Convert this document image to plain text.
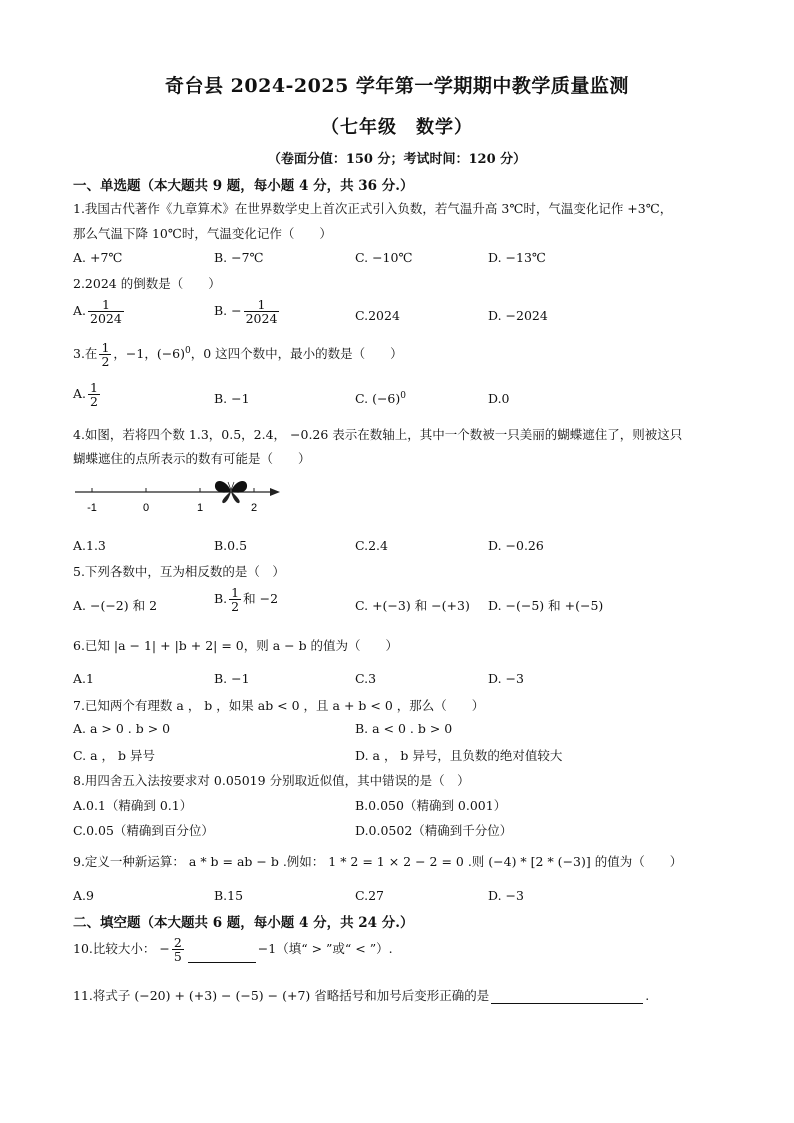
奇台县 2024-2025 学年第一学期期中教学质量监测
（七年级　数学）
（卷面分值：150 分；考试时间：120 分）
一、单选题（本大题共 9 题，每小题 4 分，共 36 分.）
1.我国古代著作《九章算术》在世界数学史上首次正式引入负数，若气温升高 3℃时，气温变化记作 +3℃，
那么气温下降 10℃时，气温变化记作（　　）
A. +7℃	B. −7℃	C. −10℃	D. −13℃
2.2024 的倒数是（　　）
A. $\frac{1}{2024}$	B. − $\frac{1}{2024}$	C.2024	D. −2024
3.在 $\frac{1}{2}$ ，−1，$(-6)^0$，0 这四个数中，最小的数是（　　）
A. $\frac{1}{2}$	B. −1	C. $(-6)^0$	D.0
4.如图，若将四个数 1.3，0.5，2.4， −0.26 表示在数轴上，其中一个数被一只美丽的蝴蝶遮住了，则被这只
蝴蝶遮住的点所表示的数有可能是（　　）
-1	0	1	2
A.1.3	B.0.5	C.2.4	D. −0.26
5.下列各数中，互为相反数的是（　）
A. −(−2) 和 2	B. $\frac{1}{2}$ 和 −2	C. +(−3) 和 −(+3) D. −(−5) 和 +(−5)
6.已知 |a − 1| + |b + 2| = 0，则 a − b 的值为（　　）
A.1	B. −1	C.3	D. −3
7.已知两个有理数 a ， b ，如果 ab < 0 ，且 a + b < 0 ，那么（　　）
A. a > 0 . b > 0	B. a < 0 . b > 0
C. a ， b 异号	D. a ， b 异号，且负数的绝对值较大
8.用四舍五入法按要求对 0.05019 分别取近似值，其中错误的是（　）
A.0.1（精确到 0.1）	B.0.050（精确到 0.001）
C.0.05（精确到百分位）	D.0.0502（精确到千分位）
9.定义一种新运算： a * b = ab − b .例如： 1 * 2 = 1 × 2 − 2 = 0 .则 (−4) * [2 * (−3)] 的值为（　　）
A.9	B.15	C.27	D. −3
二、填空题（本大题共 6 题，每小题 4 分，共 24 分.）
10.比较大小： − $\frac{2}{5}$	−1（填“ > ”或“ < ”）.
11.将式子 (−20) + (+3) − (−5) − (+7) 省略括号和加号后变形正确的是	.
